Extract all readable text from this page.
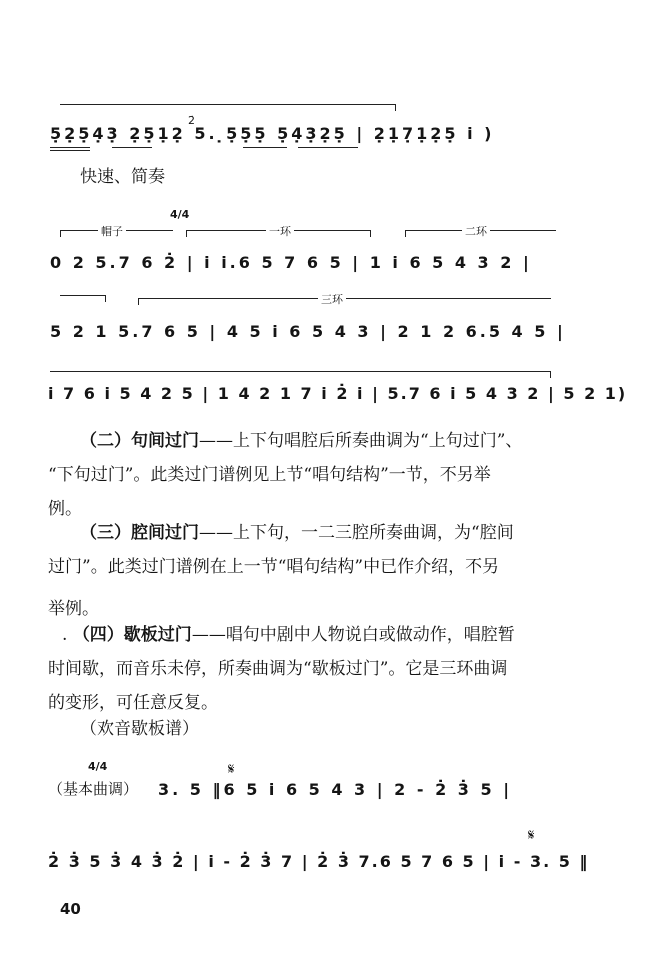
2̇
5̣2̣5̣4̣3̣ 2̣5̣1̣2̣ 5. ̣5̣5̣5̣ 5̣4̣3̣2̣5̣ | 2̣1̣7̣1̣2̣5̣ i )
快速、简奏
4/4
帽子	一环	二环
0 2 5.7 6 2̇ | i i.6 5 7 6 5 | 1 i 6 5 4 3 2 |
三环
5 2 1 5.7 6 5 | 4 5 i 6 5 4 3 | 2 1 2 6.5 4 5 |
i 7 6 i 5 4 2 5 | 1 4 2 1 7 i 2̇ i | 5.7 6 i 5 4 3 2 | 5 2 1)
（二）句间过门——上下句唱腔后所奏曲调为“上句过门”、
“下句过门”。此类过门谱例见上节“唱句结构”一节，不另举
例。
（三）腔间过门——上下句，一二三腔所奏曲调，为“腔间
过门”。此类过门谱例在上一节“唱句结构”中已作介绍，不另
举例。
. （四）歇板过门——唱句中剧中人物说白或做动作，唱腔暂
时间歇，而音乐未停，所奏曲调为“歇板过门”。它是三环曲调
的变形，可任意反复。
（欢音歇板谱）
4/4	𝄋
（基本曲调） 3. 5 ‖6 5 i 6 5 4 3 | 2 - 2̇ 3̇ 5 |
𝄋
2̇ 3̇ 5 3̇ 4 3̇ 2̇ | i - 2̇ 3̇ 7 | 2̇ 3̇ 7.6 5 7 6 5 | i - 3. 5 ‖
40
